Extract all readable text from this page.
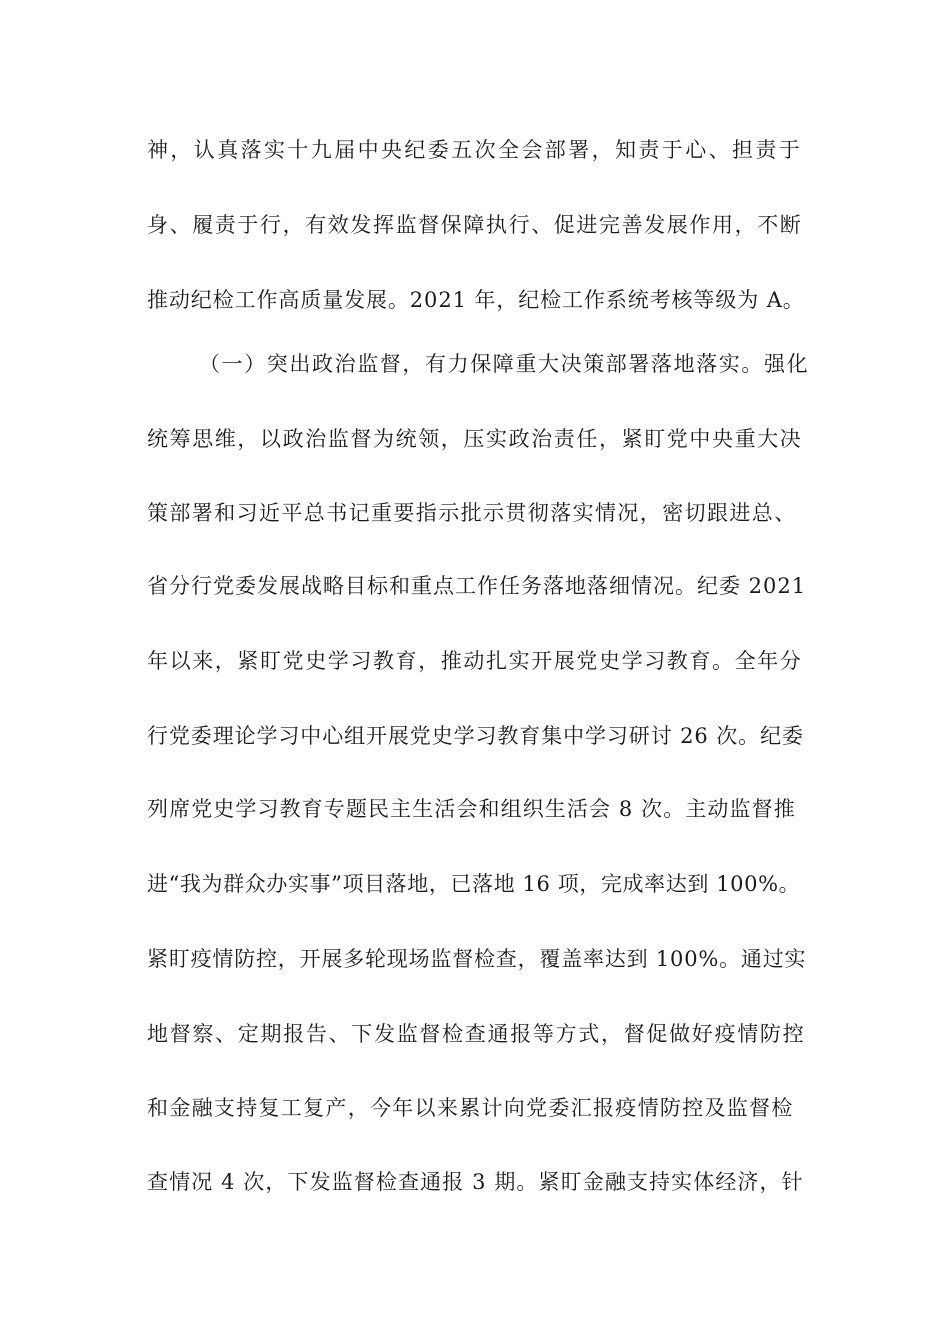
神，认真落实十九届中央纪委五次全会部署，知责于心、担责于
身、履责于行，有效发挥监督保障执行、促进完善发展作用，不断
推动纪检工作高质量发展。2021 年，纪检工作系统考核等级为 A。
（一）突出政治监督，有力保障重大决策部署落地落实。强化
统筹思维，以政治监督为统领，压实政治责任，紧盯党中央重大决
策部署和习近平总书记重要指示批示贯彻落实情况，密切跟进总、
省分行党委发展战略目标和重点工作任务落地落细情况。纪委 2021
年以来，紧盯党史学习教育，推动扎实开展党史学习教育。全年分
行党委理论学习中心组开展党史学习教育集中学习研讨 26 次。纪委
列席党史学习教育专题民主生活会和组织生活会 8 次。主动监督推
进“我为群众办实事”项目落地，已落地 16 项，完成率达到 100%。
紧盯疫情防控，开展多轮现场监督检查，覆盖率达到 100%。通过实
地督察、定期报告、下发监督检查通报等方式，督促做好疫情防控
和金融支持复工复产，今年以来累计向党委汇报疫情防控及监督检
查情况 4 次，下发监督检查通报 3 期。紧盯金融支持实体经济，针
